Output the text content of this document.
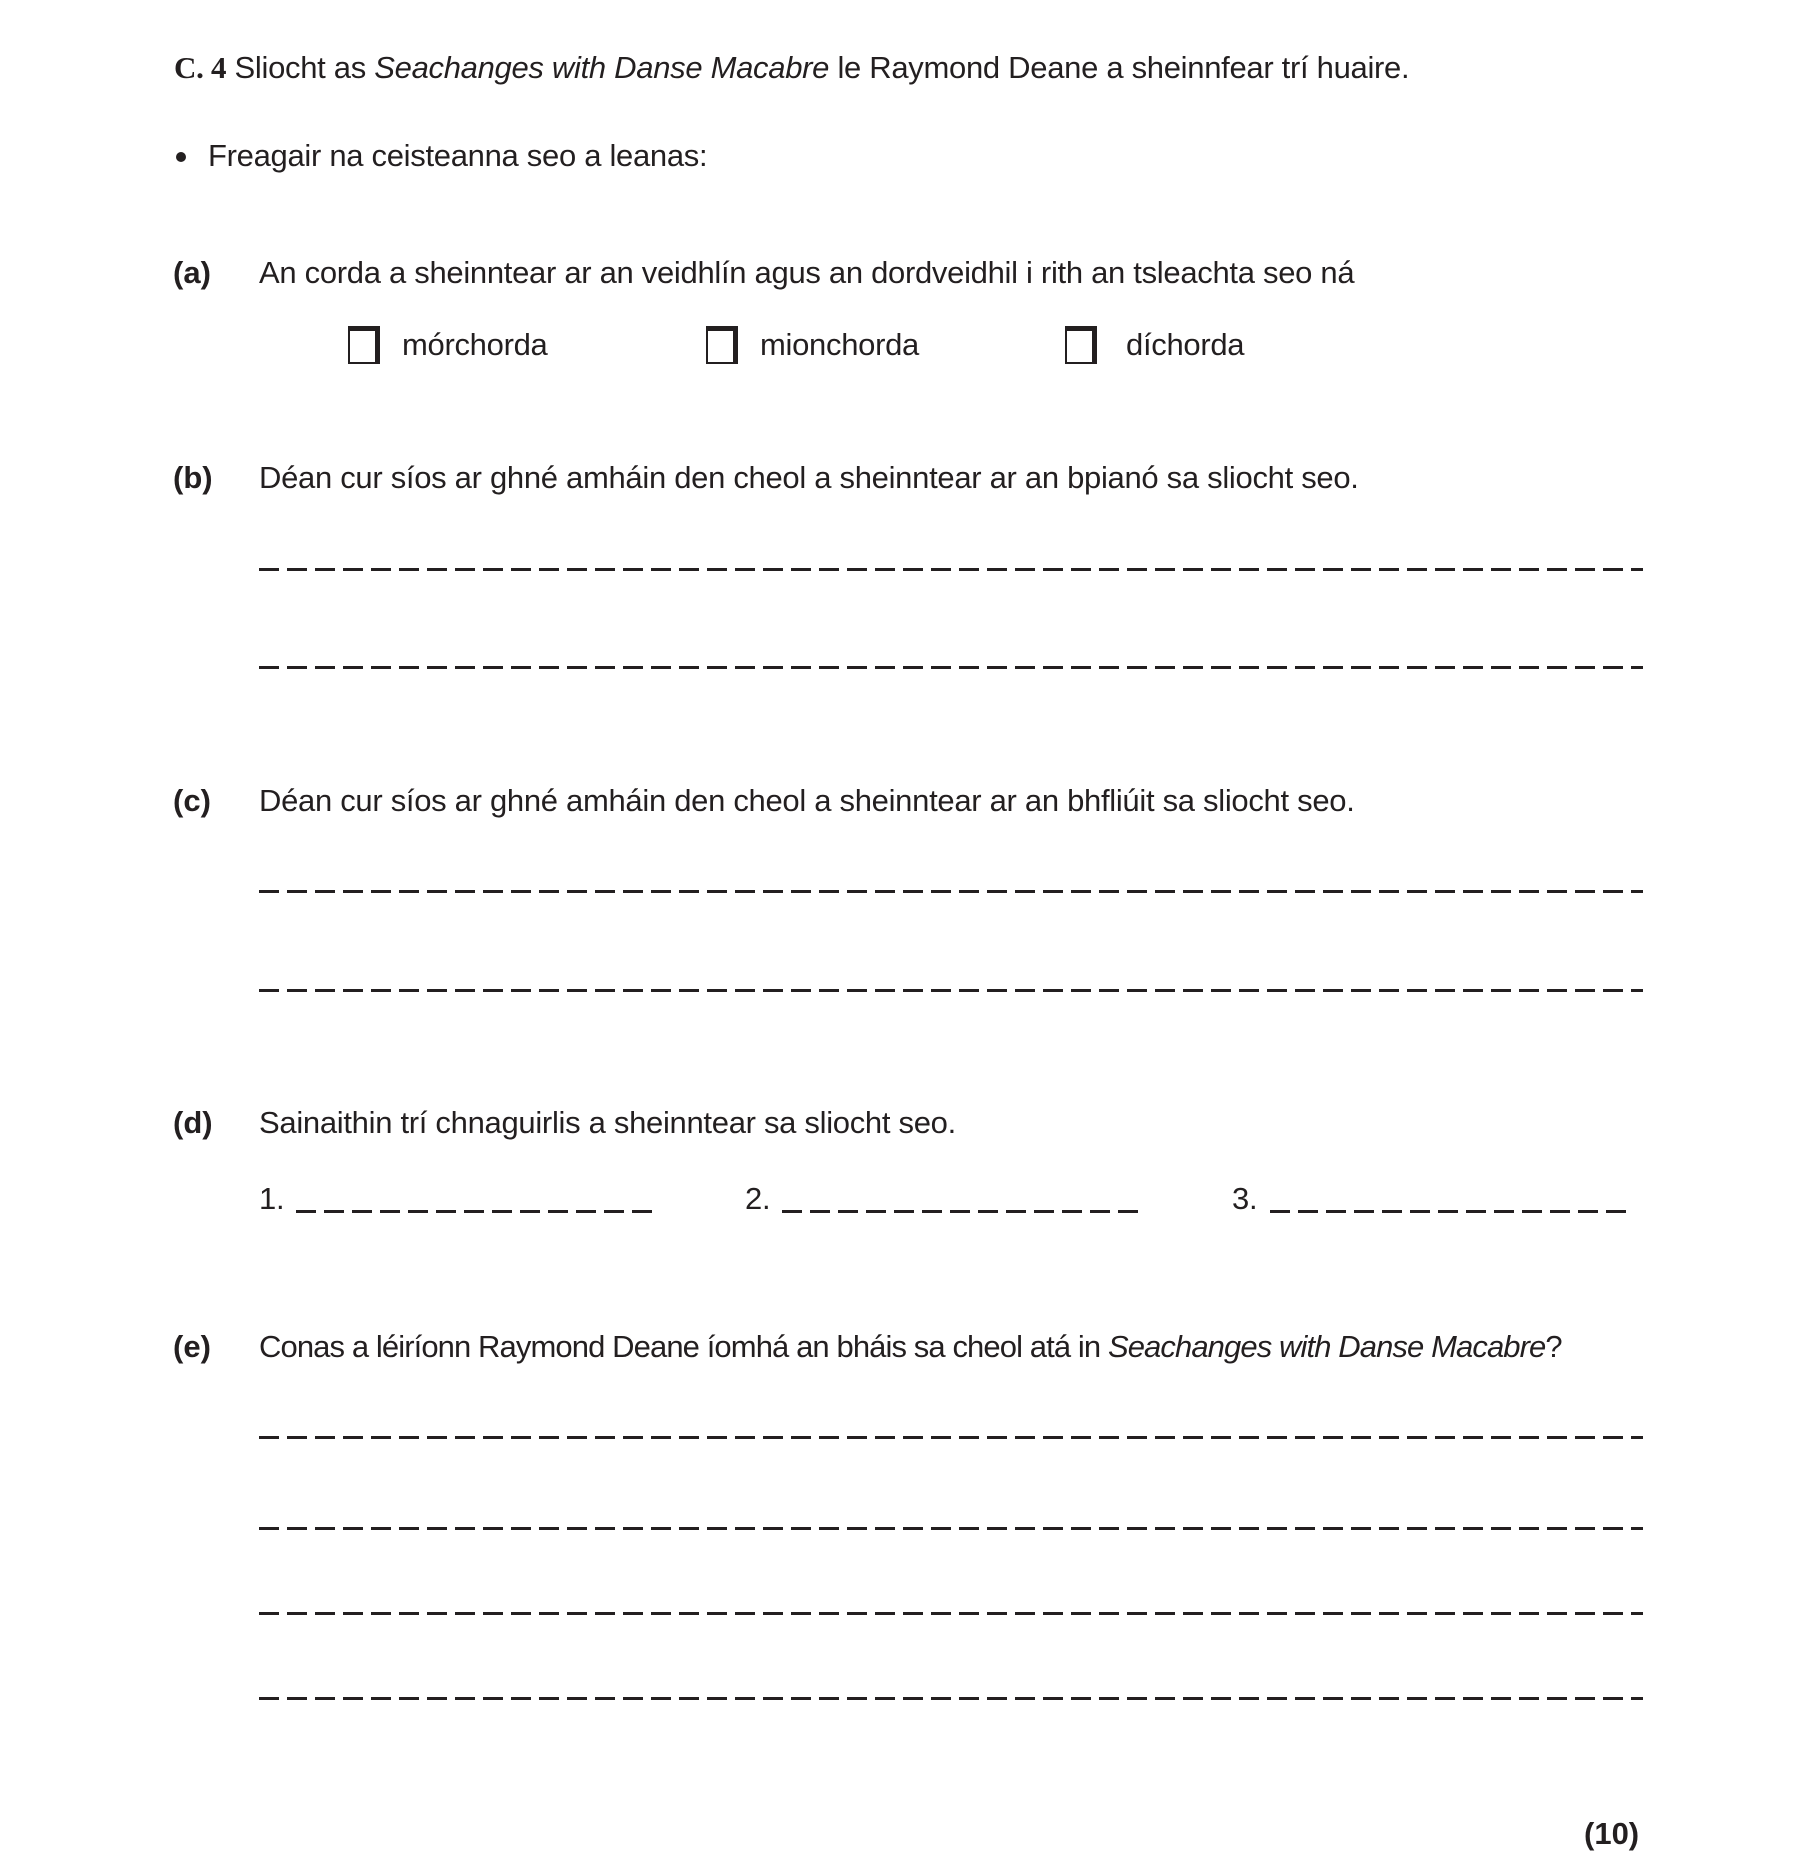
C. 4 Sliocht as Seachanges with Danse Macabre le Raymond Deane a sheinnfear trí huaire.
Freagair na ceisteanna seo a leanas:
(a) An corda a sheinntear ar an veidhlín agus an dordveidhil i rith an tsleachta seo ná
mórchorda	mionchorda	díchorda
(b) Déan cur síos ar ghné amháin den cheol a sheinntear ar an bpianó sa sliocht seo.
(c) Déan cur síos ar ghné amháin den cheol a sheinntear ar an bhfliúit sa sliocht seo.
(d) Sainaithin trí chnaguirlis a sheinntear sa sliocht seo.
1.	2.	3.
(e) Conas a léiríonn Raymond Deane íomhá an bháis sa cheol atá in Seachanges with Danse Macabre?
(10)
